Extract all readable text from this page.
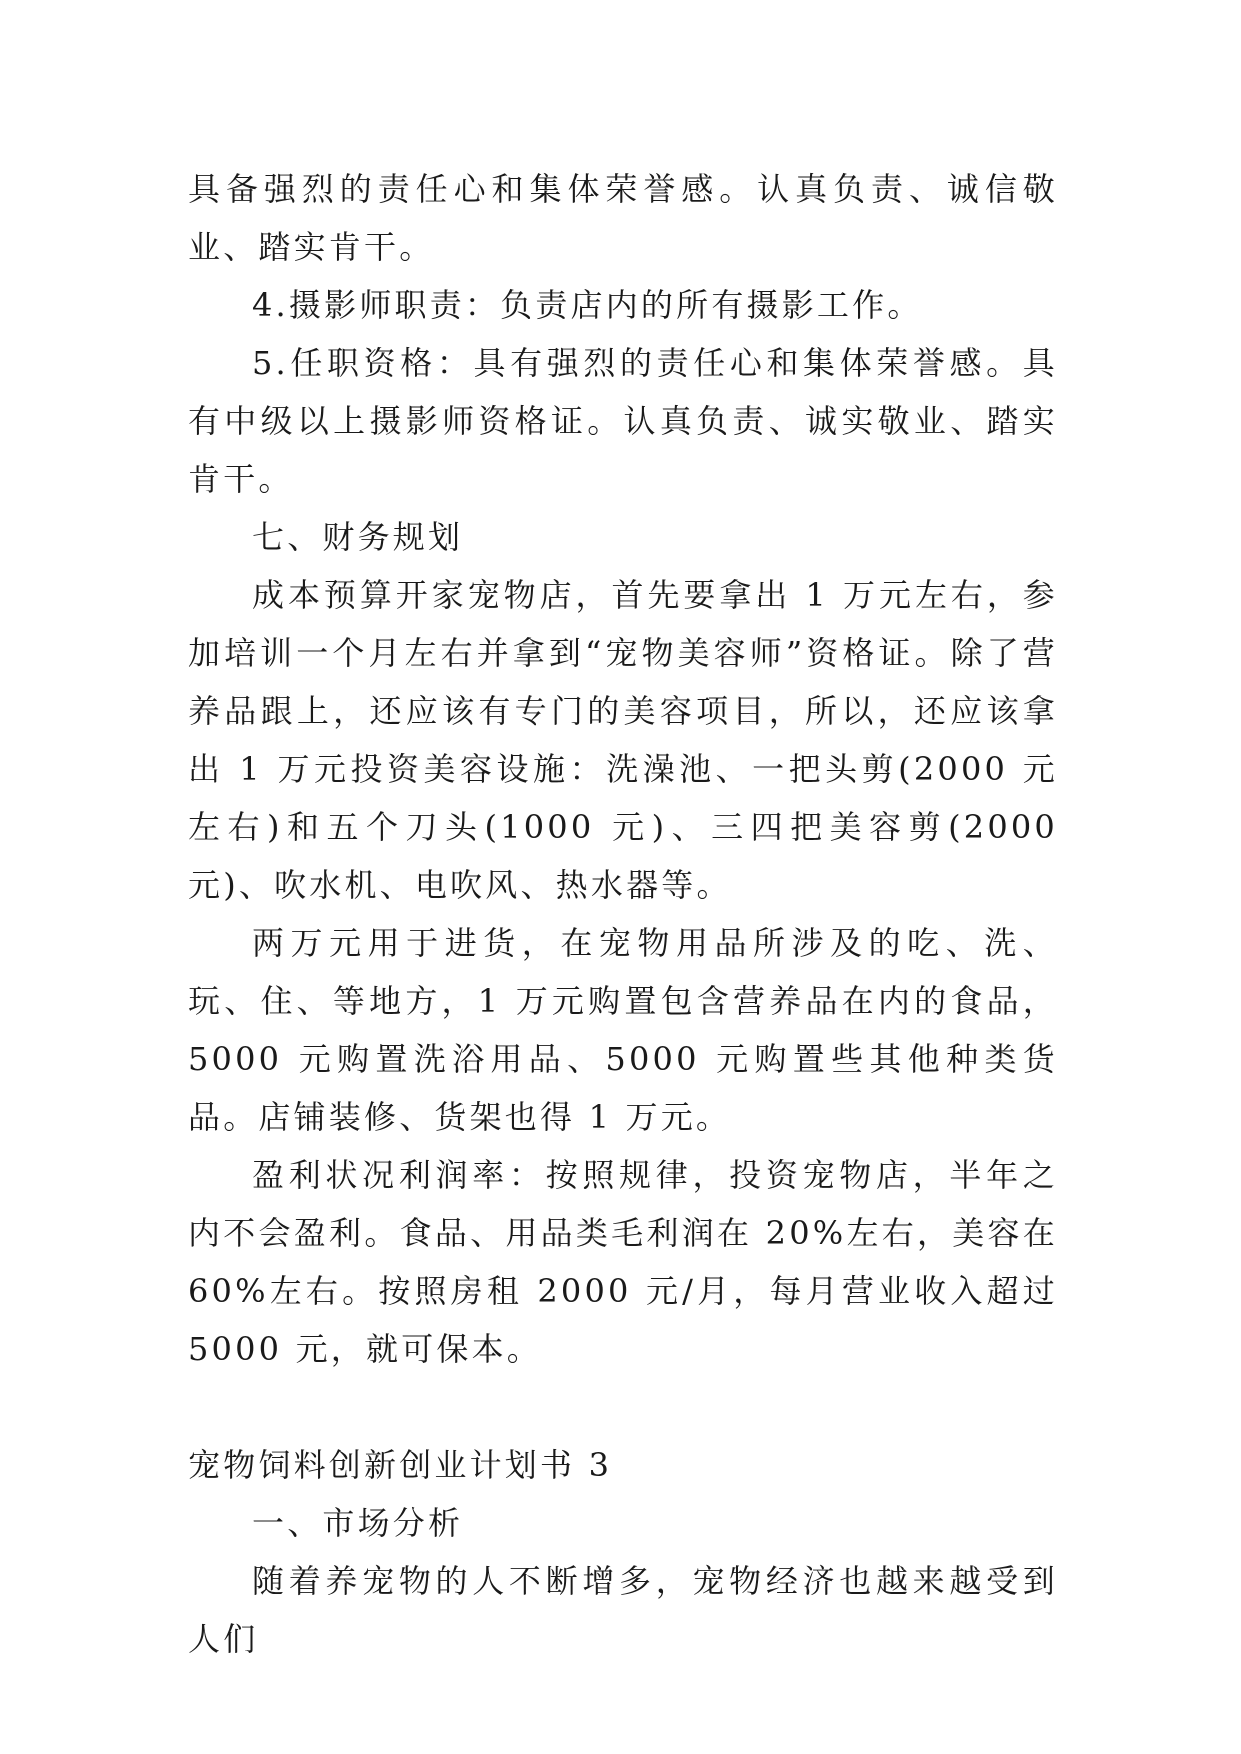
具备强烈的责任心和集体荣誉感。认真负责、诚信敬业、踏实肯干。

4.摄影师职责：负责店内的所有摄影工作。

5.任职资格：具有强烈的责任心和集体荣誉感。具有中级以上摄影师资格证。认真负责、诚实敬业、踏实肯干。

七、财务规划

成本预算开家宠物店，首先要拿出 1 万元左右，参加培训一个月左右并拿到“宠物美容师”资格证。除了营养品跟上，还应该有专门的美容项目，所以，还应该拿出 1 万元投资美容设施：洗澡池、一把头剪(2000 元左右)和五个刀头(1000 元)、三四把美容剪(2000 元)、吹水机、电吹风、热水器等。

两万元用于进货，在宠物用品所涉及的吃、洗、玩、住、等地方，1 万元购置包含营养品在内的食品，5000 元购置洗浴用品、5000 元购置些其他种类货品。店铺装修、货架也得 1 万元。

盈利状况利润率：按照规律，投资宠物店，半年之内不会盈利。食品、用品类毛利润在 20%左右，美容在 60%左右。按照房租 2000 元/月，每月营业收入超过 5000 元，就可保本。

宠物饲料创新创业计划书 3

一、市场分析

随着养宠物的人不断增多，宠物经济也越来越受到人们
